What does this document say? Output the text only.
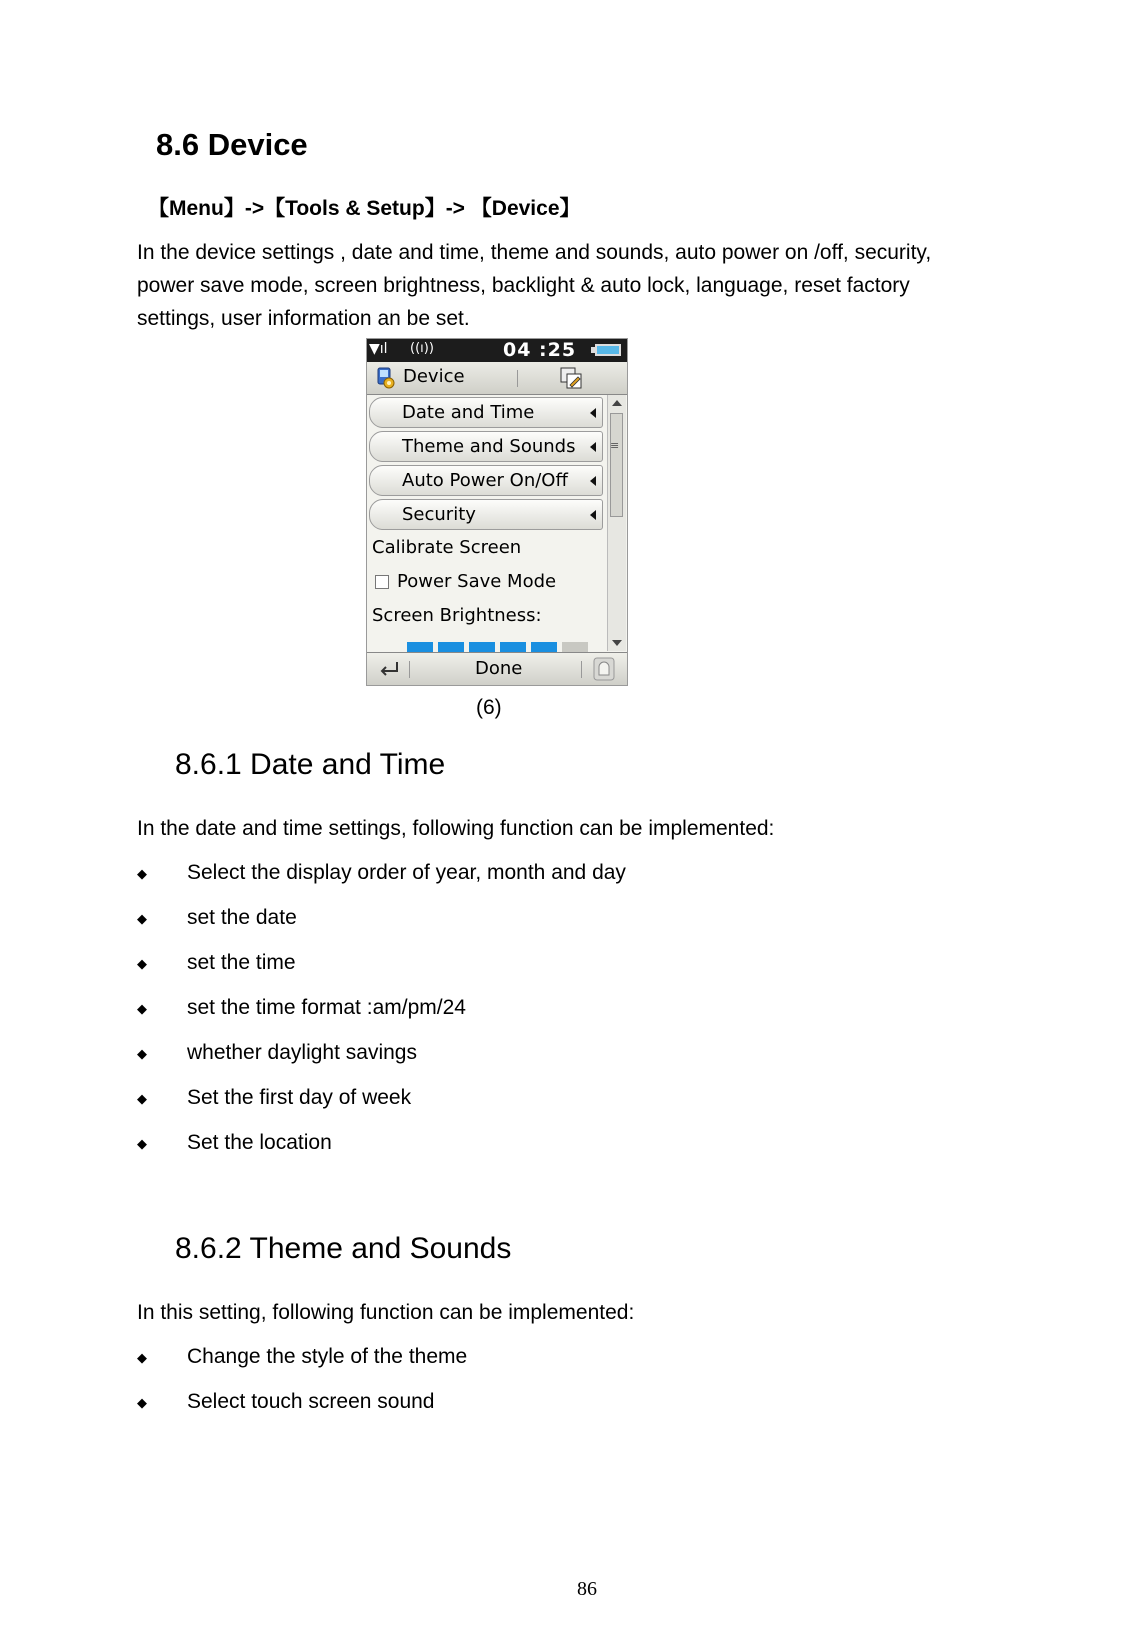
8.6 Device
【Menu】->【Tools & Setup】-> 【Device】
In the device settings , date and time, theme and sounds, auto power on /off, security,
power save mode, screen brightness, backlight & auto lock, language, reset factory
settings, user information an be set.
▼ıl ((ı))	04 :25
Device
Date and Time
Theme and Sounds
Auto Power On/Off
Security
Calibrate Screen
Power Save Mode
Screen Brightness:
≡
Done
(6)
8.6.1 Date and Time
In the date and time settings, following function can be implemented:
◆ Select the display order of year, month and day
◆ set the date
◆ set the time
◆ set the time format :am/pm/24
◆ whether daylight savings
◆ Set the first day of week
◆ Set the location
8.6.2 Theme and Sounds
In this setting, following function can be implemented:
◆ Change the style of the theme
◆ Select touch screen sound
86
